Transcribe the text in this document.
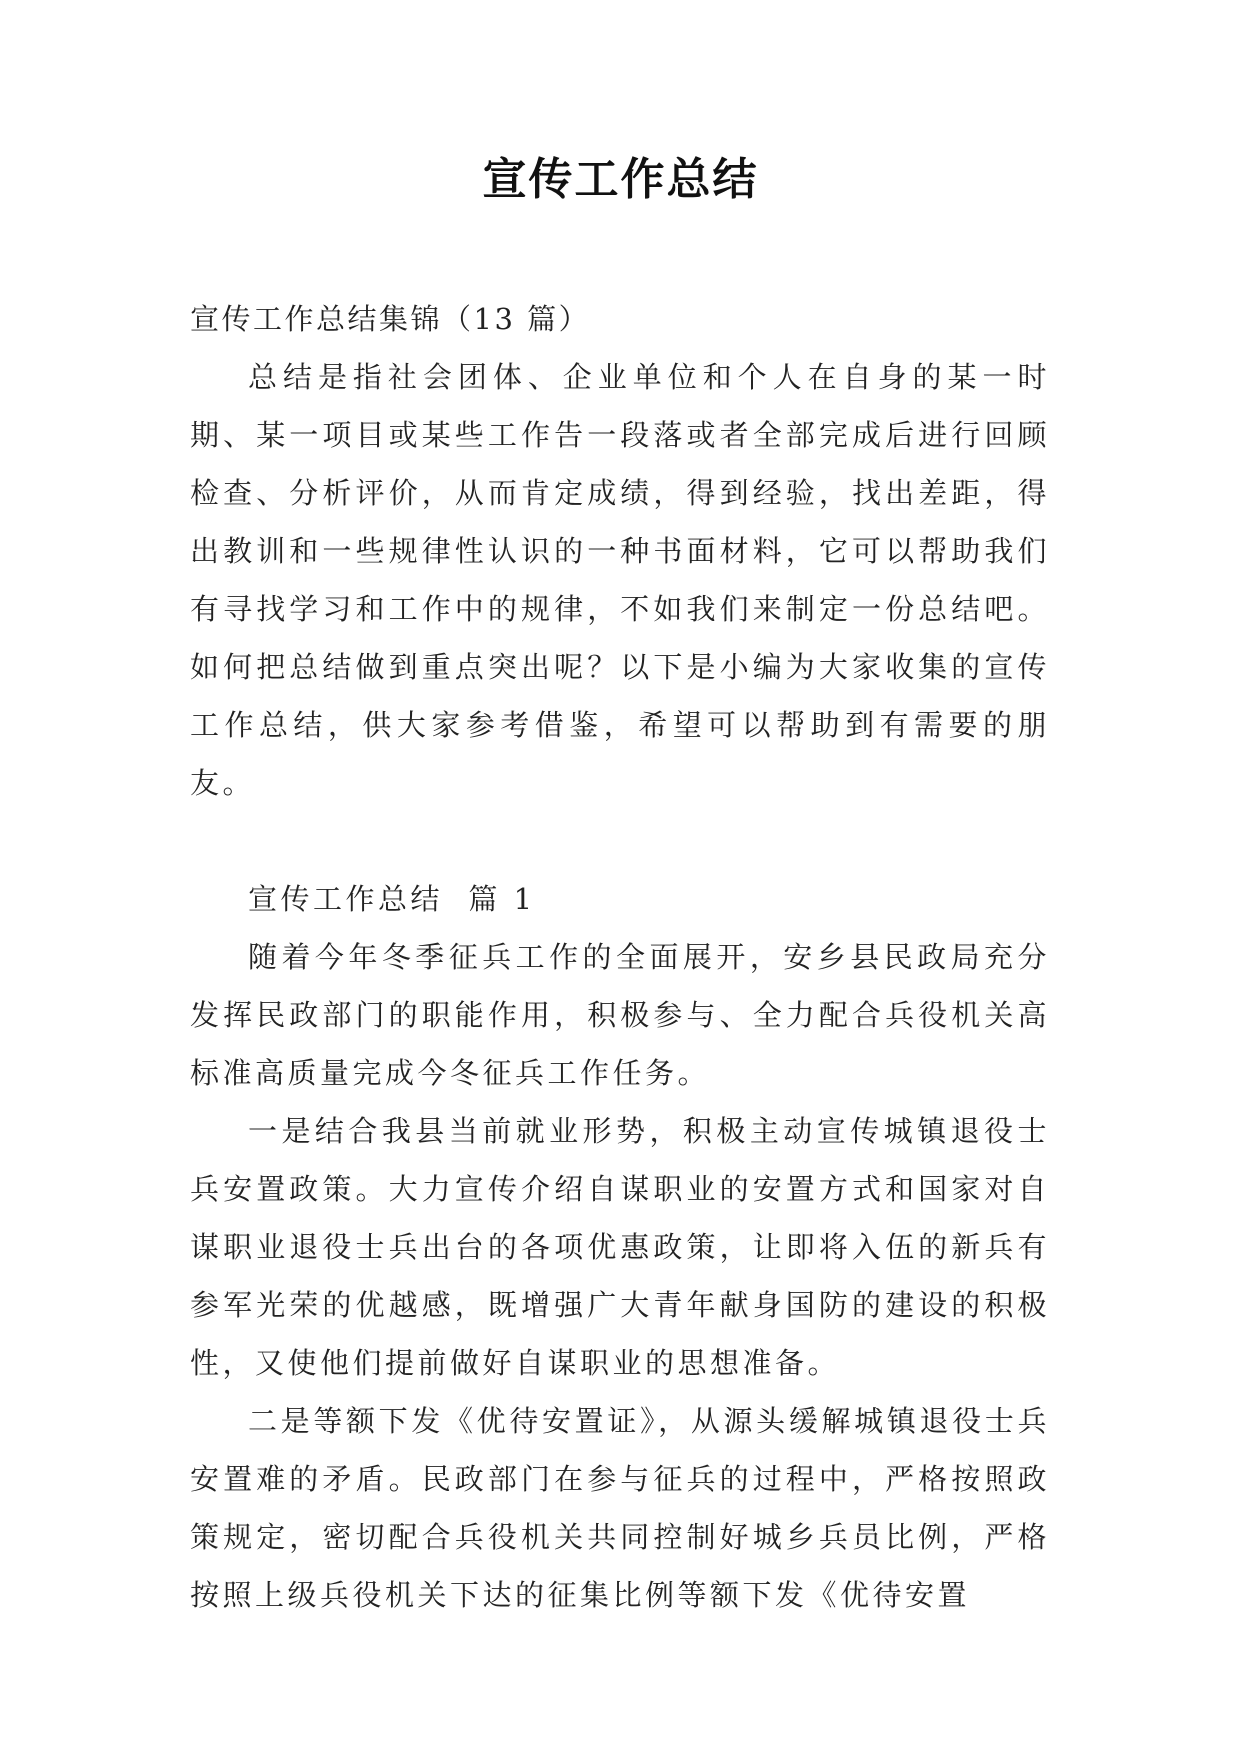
宣传工作总结

宣传工作总结集锦（13 篇）

总结是指社会团体、企业单位和个人在自身的某一时期、某一项目或某些工作告一段落或者全部完成后进行回顾检查、分析评价，从而肯定成绩，得到经验，找出差距，得出教训和一些规律性认识的一种书面材料，它可以帮助我们有寻找学习和工作中的规律，不如我们来制定一份总结吧。如何把总结做到重点突出呢？以下是小编为大家收集的宣传工作总结，供大家参考借鉴，希望可以帮助到有需要的朋友。

宣传工作总结  篇 1

随着今年冬季征兵工作的全面展开，安乡县民政局充分发挥民政部门的职能作用，积极参与、全力配合兵役机关高标准高质量完成今冬征兵工作任务。

一是结合我县当前就业形势，积极主动宣传城镇退役士兵安置政策。大力宣传介绍自谋职业的安置方式和国家对自谋职业退役士兵出台的各项优惠政策，让即将入伍的新兵有参军光荣的优越感，既增强广大青年献身国防的建设的积极性，又使他们提前做好自谋职业的思想准备。

二是等额下发《优待安置证》，从源头缓解城镇退役士兵安置难的矛盾。民政部门在参与征兵的过程中，严格按照政策规定，密切配合兵役机关共同控制好城乡兵员比例，严格按照上级兵役机关下达的征集比例等额下发《优待安置
